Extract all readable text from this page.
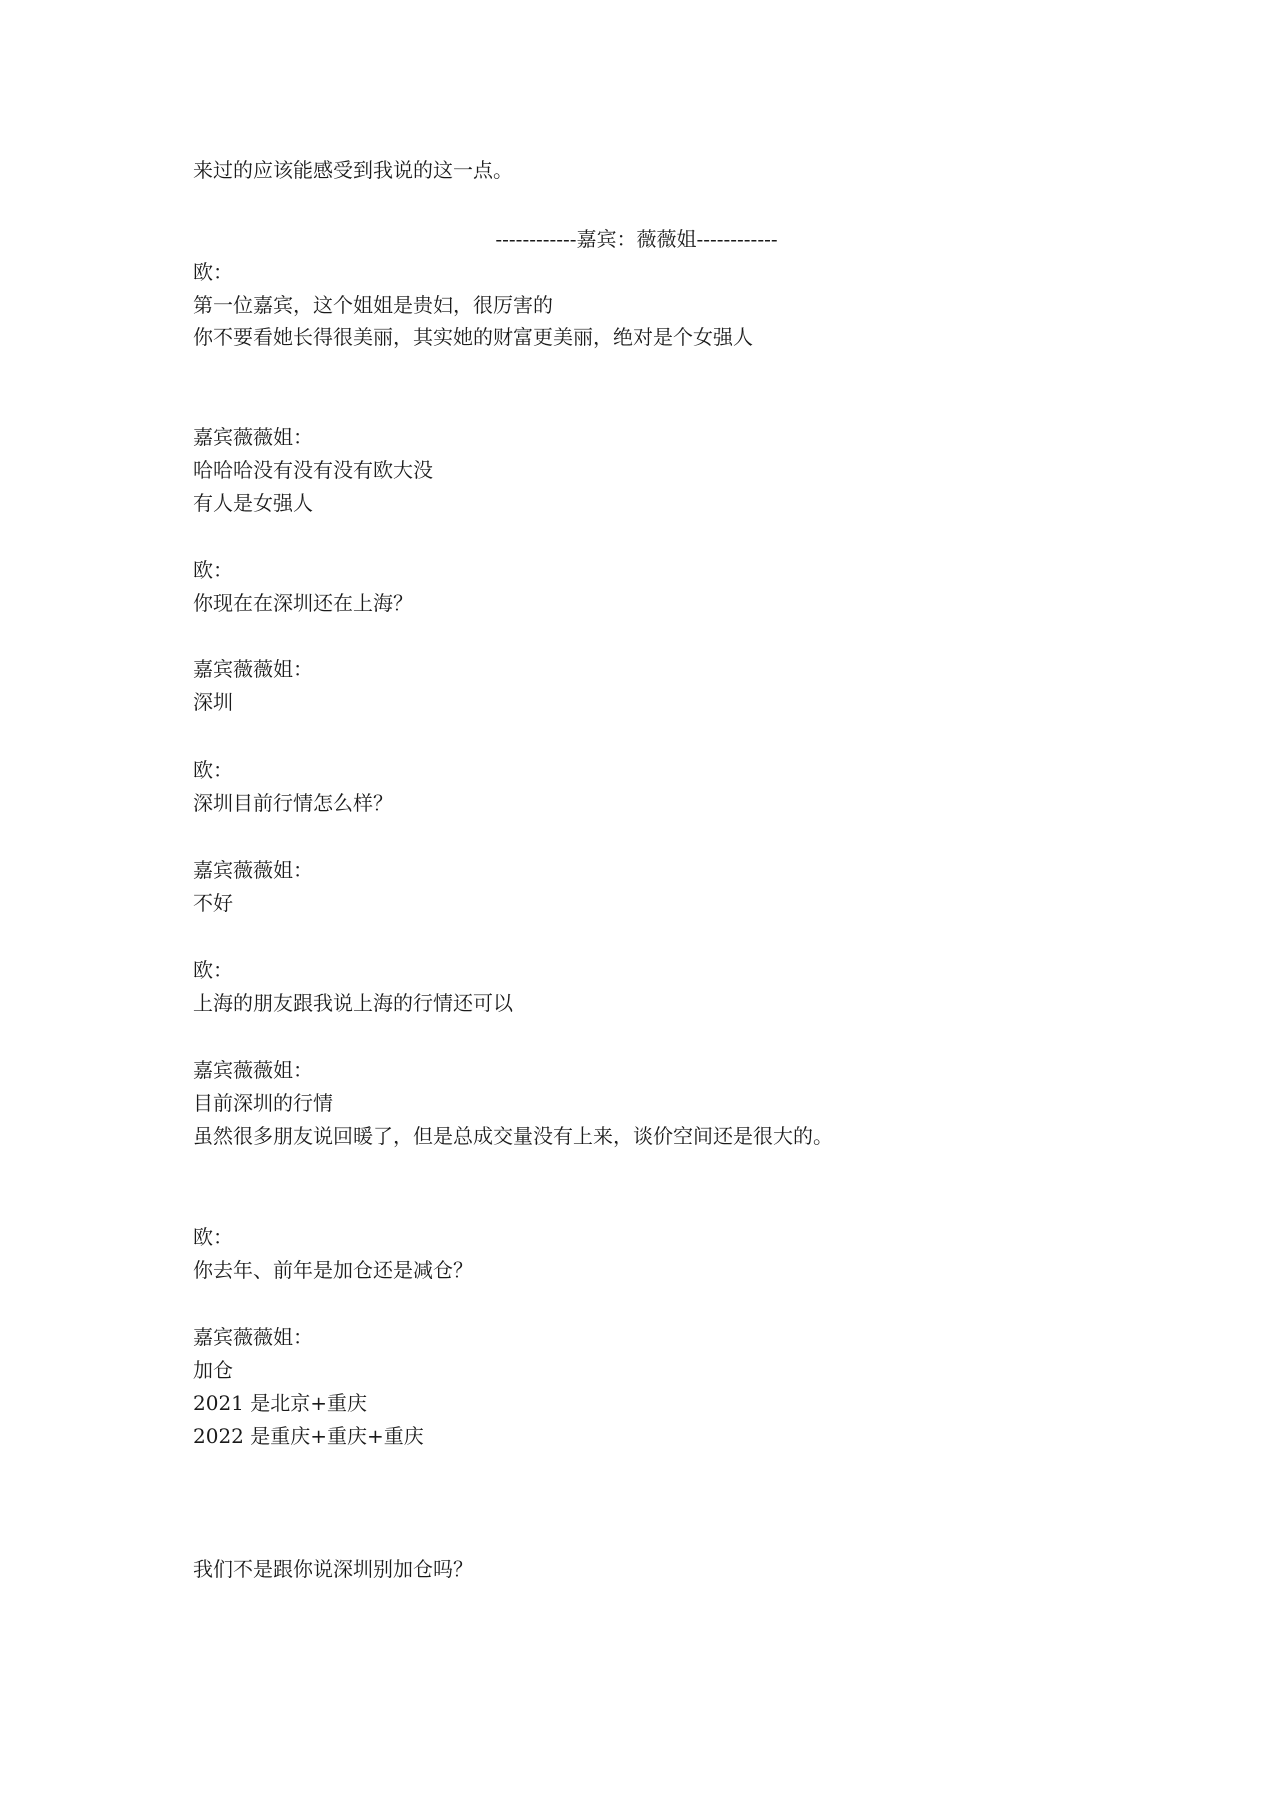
来过的应该能感受到我说的这一点。
------------嘉宾：薇薇姐------------
欧：
第一位嘉宾，这个姐姐是贵妇，很厉害的
你不要看她长得很美丽，其实她的财富更美丽，绝对是个女强人
嘉宾薇薇姐：
哈哈哈没有没有没有欧大没
有人是女强人
欧：
你现在在深圳还在上海？
嘉宾薇薇姐：
深圳
欧：
深圳目前行情怎么样？
嘉宾薇薇姐：
不好
欧：
上海的朋友跟我说上海的行情还可以
嘉宾薇薇姐：
目前深圳的行情
虽然很多朋友说回暖了，但是总成交量没有上来，谈价空间还是很大的。
欧：
你去年、前年是加仓还是减仓？
嘉宾薇薇姐：
加仓
2021 是北京+重庆
2022 是重庆+重庆+重庆
我们不是跟你说深圳别加仓吗？
